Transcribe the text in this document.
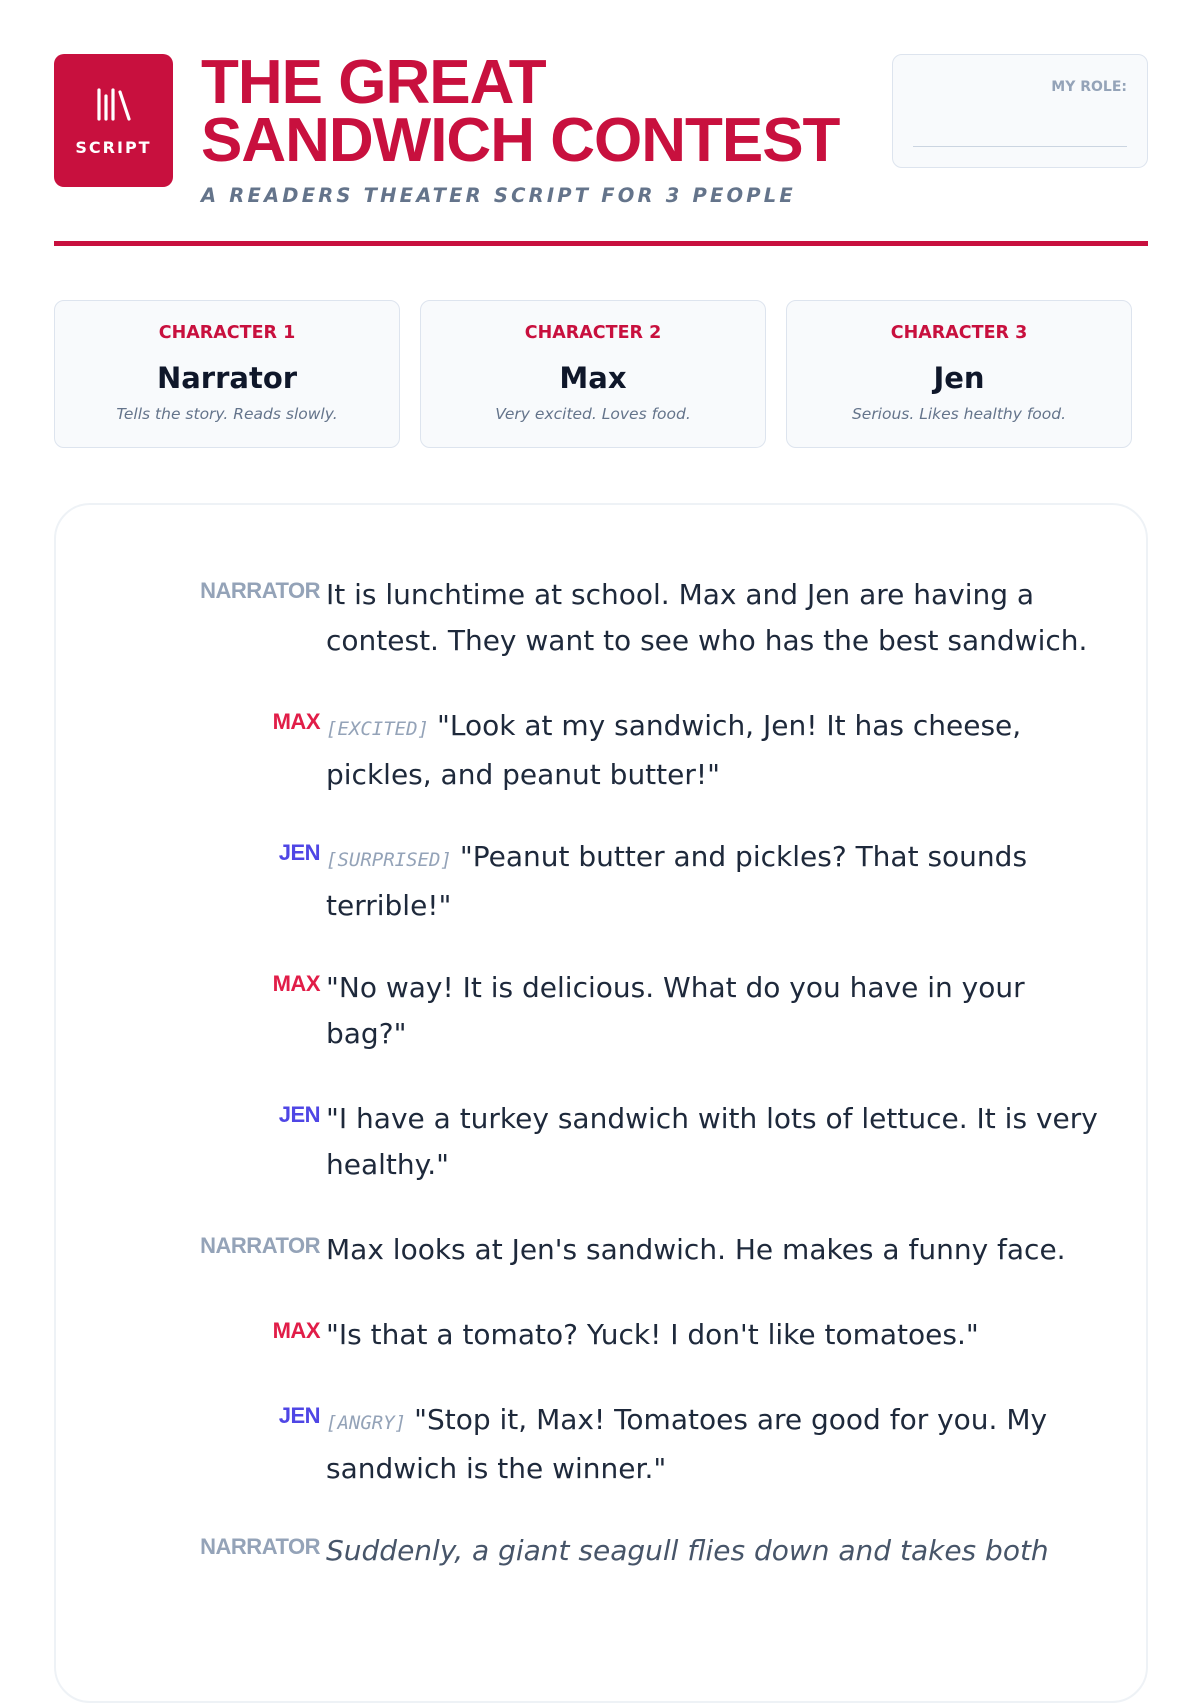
SCRIPT
THE GREAT
SANDWICH CONTEST
A READERS THEATER SCRIPT FOR 3 PEOPLE
MY ROLE:
CHARACTER 1
Narrator
Tells the story. Reads slowly.
CHARACTER 2
Max
Very excited. Loves food.
CHARACTER 3
Jen
Serious. Likes healthy food.
NARRATOR It is lunchtime at school. Max and Jen are having a contest. They want to see who has the best sandwich.

MAX [EXCITED] "Look at my sandwich, Jen! It has cheese, pickles, and peanut butter!"

JEN [SURPRISED] "Peanut butter and pickles? That sounds terrible!"

MAX "No way! It is delicious. What do you have in your bag?"

JEN "I have a turkey sandwich with lots of lettuce. It is very healthy."

NARRATOR Max looks at Jen's sandwich. He makes a funny face.

MAX "Is that a tomato? Yuck! I don't like tomatoes."

JEN [ANGRY] "Stop it, Max! Tomatoes are good for you. My sandwich is the winner."

NARRATOR Suddenly, a giant seagull flies down and takes both
